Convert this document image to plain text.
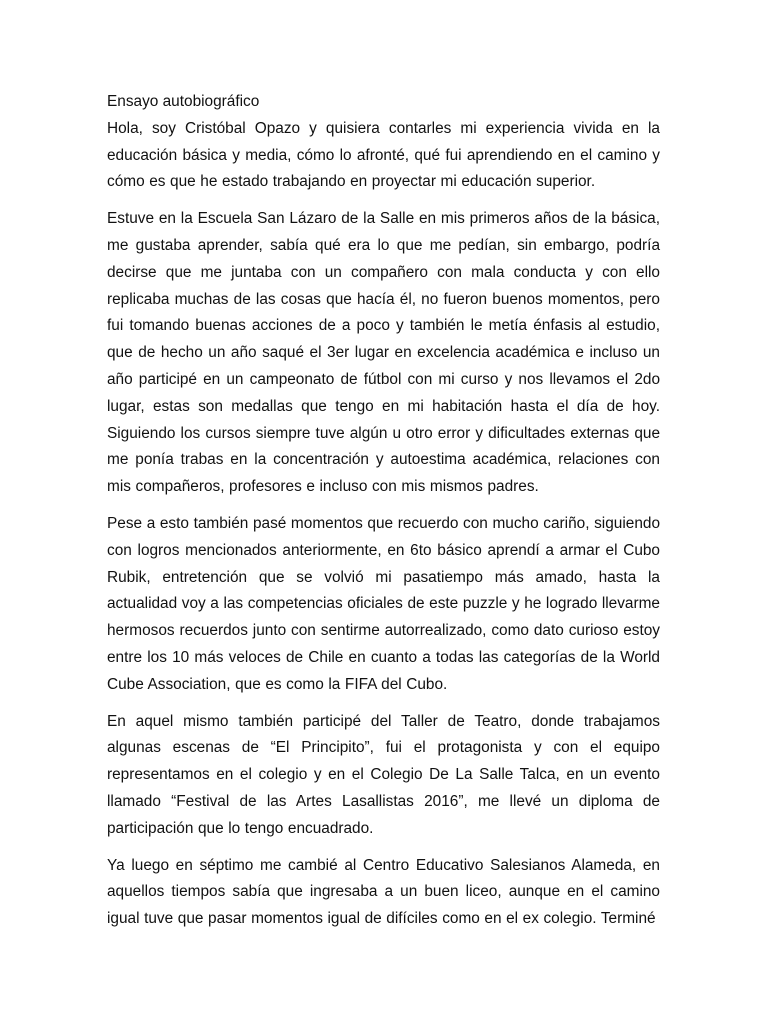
Ensayo autobiográfico

Hola, soy Cristóbal Opazo y quisiera contarles mi experiencia vivida en la educación básica y media, cómo lo afronté, qué fui aprendiendo en el camino y cómo es que he estado trabajando en proyectar mi educación superior.

Estuve en la Escuela San Lázaro de la Salle en mis primeros años de la básica, me gustaba aprender, sabía qué era lo que me pedían, sin embargo, podría decirse que me juntaba con un compañero con mala conducta y con ello replicaba muchas de las cosas que hacía él, no fueron buenos momentos, pero fui tomando buenas acciones de a poco y también le metía énfasis al estudio, que de hecho un año saqué el 3er lugar en excelencia académica e incluso un año participé en un campeonato de fútbol con mi curso y nos llevamos el 2do lugar, estas son medallas que tengo en mi habitación hasta el día de hoy. Siguiendo los cursos siempre tuve algún u otro error y dificultades externas que me ponía trabas en la concentración y autoestima académica, relaciones con mis compañeros, profesores e incluso con mis mismos padres.

Pese a esto también pasé momentos que recuerdo con mucho cariño, siguiendo con logros mencionados anteriormente, en 6to básico aprendí a armar el Cubo Rubik, entretención que se volvió mi pasatiempo más amado, hasta la actualidad voy a las competencias oficiales de este puzzle y he logrado llevarme hermosos recuerdos junto con sentirme autorrealizado, como dato curioso estoy entre los 10 más veloces de Chile en cuanto a todas las categorías de la World Cube Association, que es como la FIFA del Cubo.

En aquel mismo también participé del Taller de Teatro, donde trabajamos algunas escenas de “El Principito”, fui el protagonista y con el equipo representamos en el colegio y en el Colegio De La Salle Talca, en un evento llamado “Festival de las Artes Lasallistas 2016”, me llevé un diploma de participación que lo tengo encuadrado.

Ya luego en séptimo me cambié al Centro Educativo Salesianos Alameda, en aquellos tiempos sabía que ingresaba a un buen liceo, aunque en el camino igual tuve que pasar momentos igual de difíciles como en el ex colegio. Terminé
